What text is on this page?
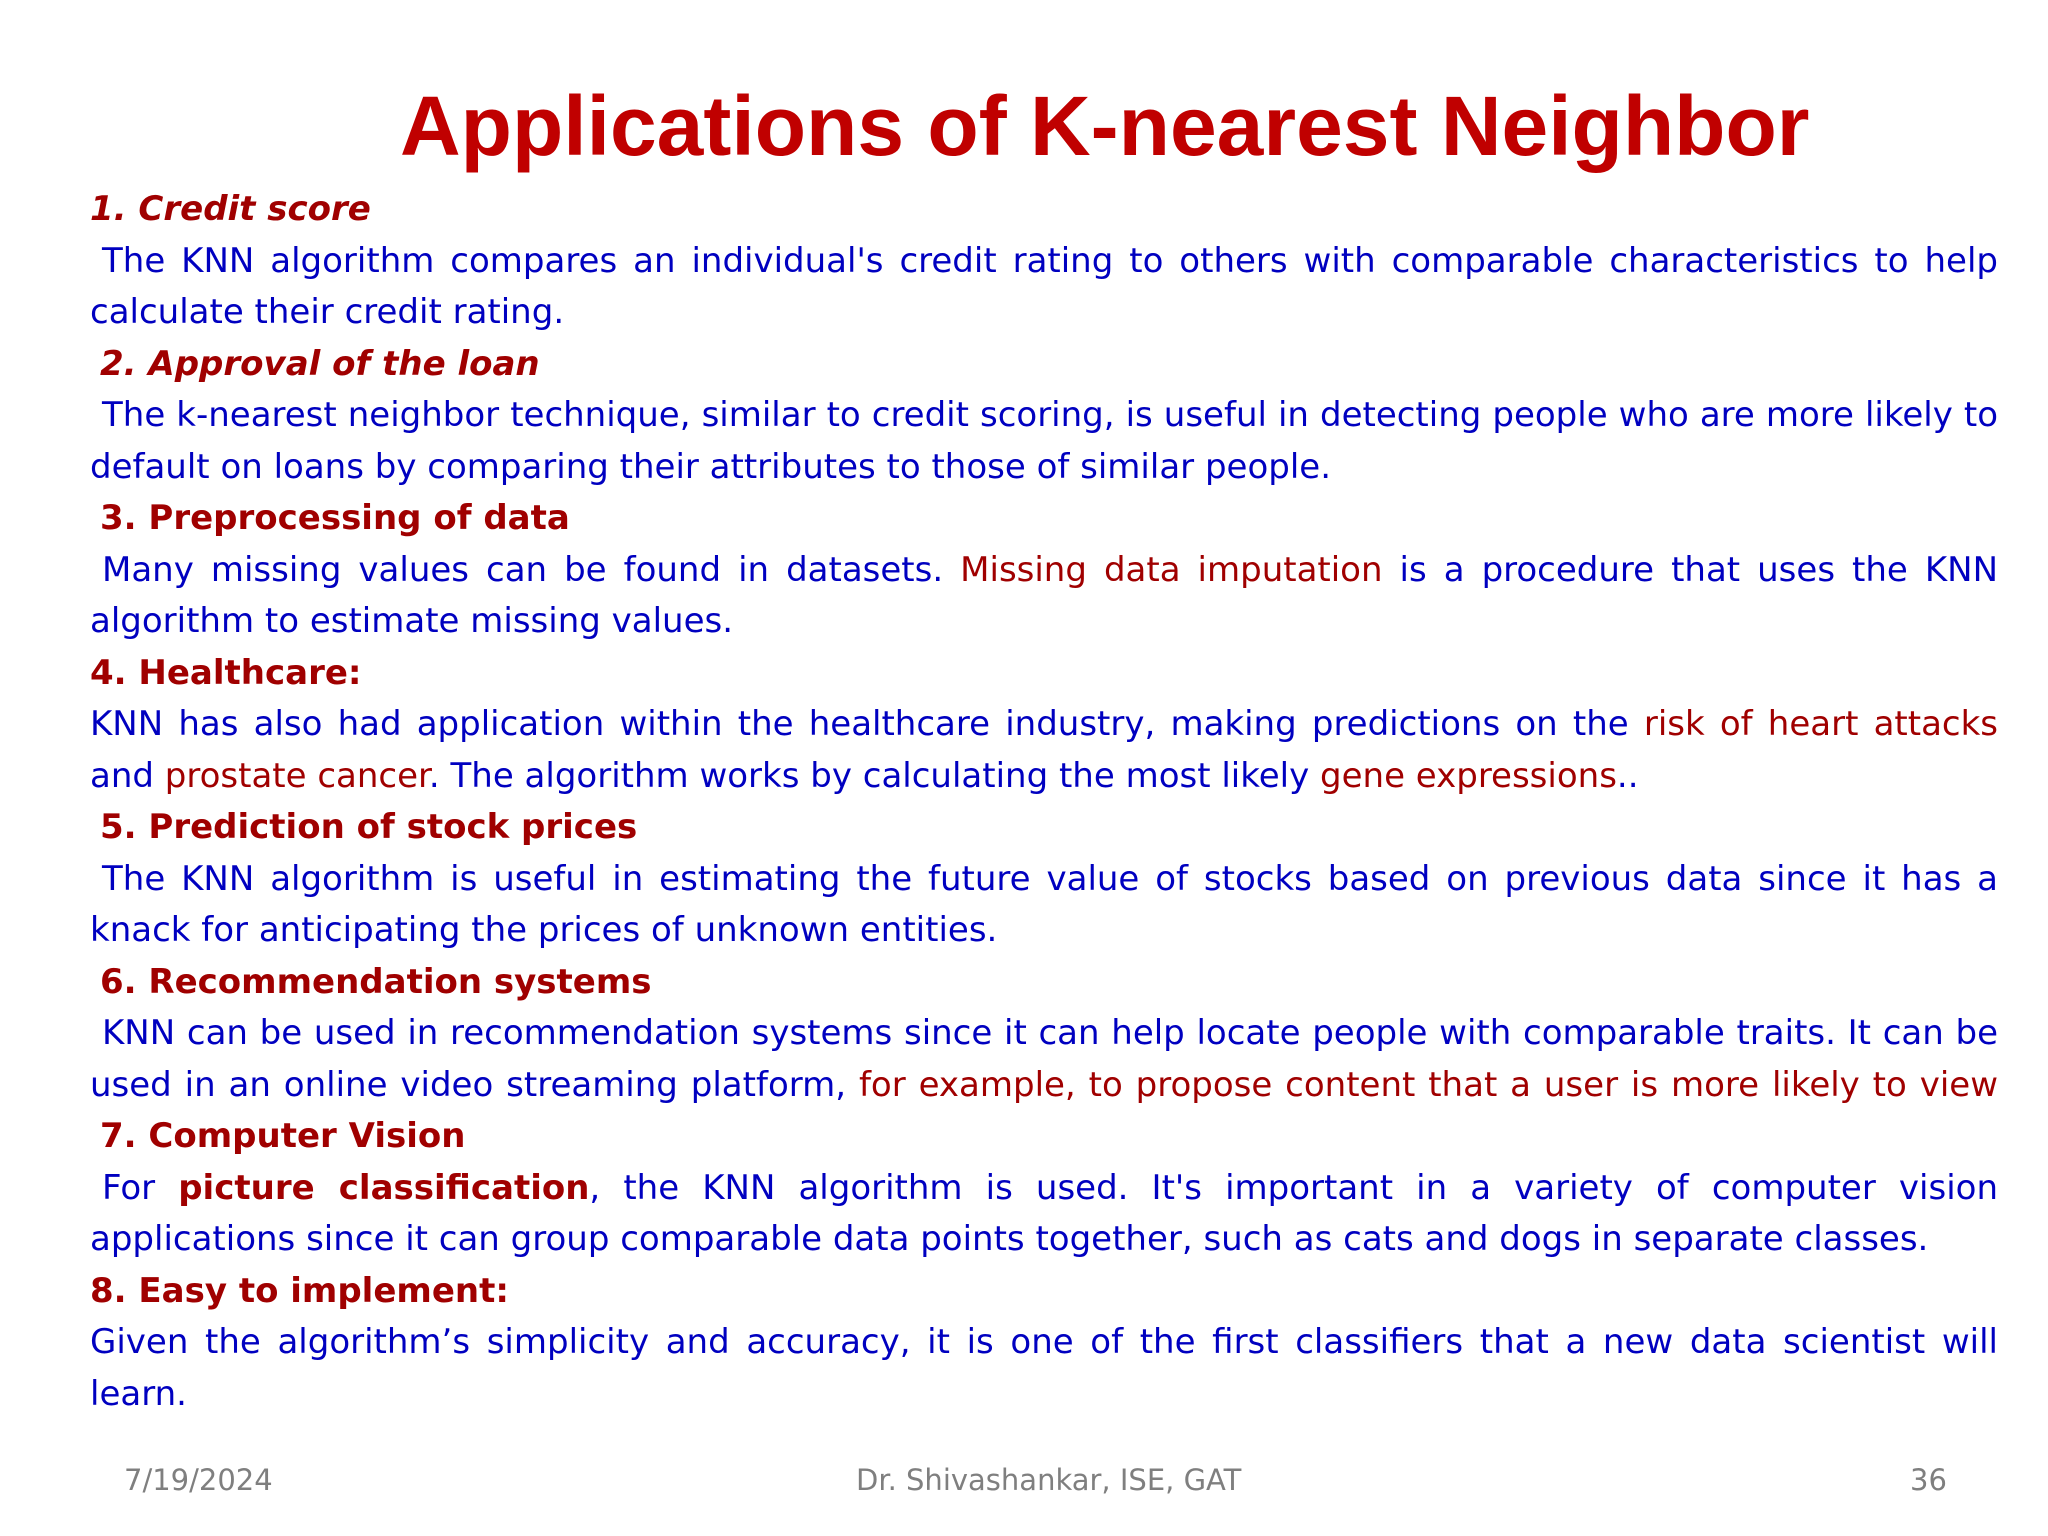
Applications of K-nearest Neighbor
1. Credit score
The KNN algorithm compares an individual's credit rating to others with comparable characteristics to help calculate their credit rating.
2. Approval of the loan
The k-nearest neighbor technique, similar to credit scoring, is useful in detecting people who are more likely to default on loans by comparing their attributes to those of similar people.
3. Preprocessing of data
Many missing values can be found in datasets. Missing data imputation is a procedure that uses the KNN algorithm to estimate missing values.
4. Healthcare:
KNN has also had application within the healthcare industry, making predictions on the risk of heart attacks and prostate cancer. The algorithm works by calculating the most likely gene expressions..
5. Prediction of stock prices
The KNN algorithm is useful in estimating the future value of stocks based on previous data since it has a knack for anticipating the prices of unknown entities.
6. Recommendation systems
KNN can be used in recommendation systems since it can help locate people with comparable traits. It can be used in an online video streaming platform, for example, to propose content that a user is more likely to view
7. Computer Vision
For picture classification, the KNN algorithm is used. It's important in a variety of computer vision applications since it can group comparable data points together, such as cats and dogs in separate classes.
8. Easy to implement:
Given the algorithm’s simplicity and accuracy, it is one of the first classifiers that a new data scientist will learn.
7/19/2024	Dr. Shivashankar, ISE, GAT	36
